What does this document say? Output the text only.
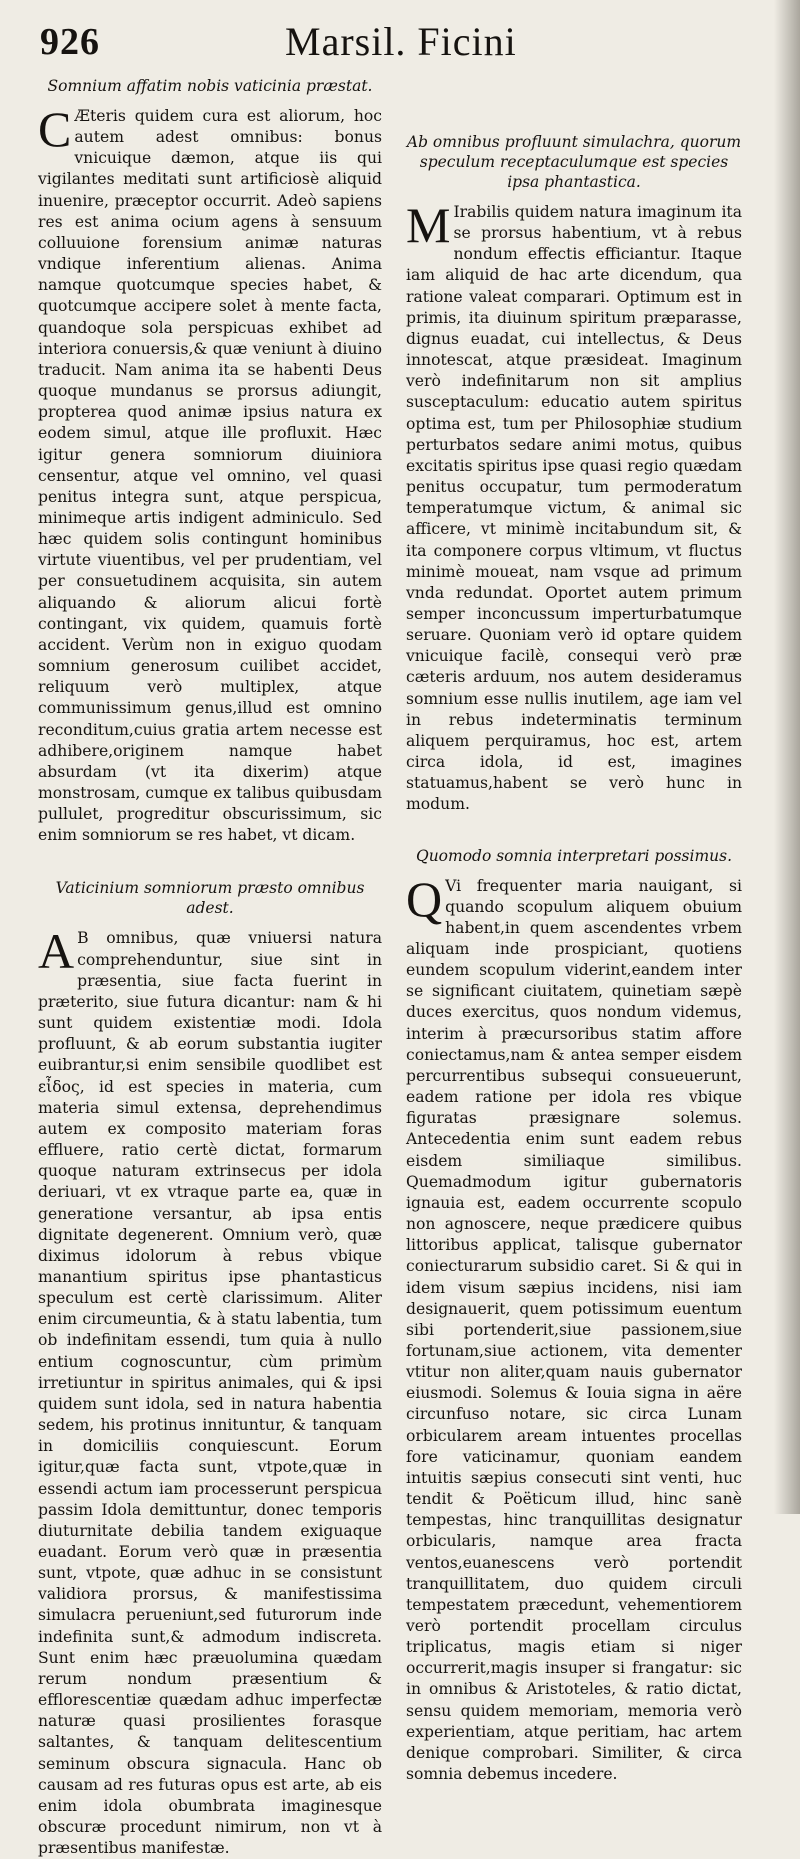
926	Marsil. Ficini
Somnium affatim nobis vaticinia præstat.

C Æteris quidem cura est aliorum, hoc autem adest omnibus: bonus vnicuique dæmon, atque iis qui vigilantes meditati sunt artificiosè aliquid inuenire, præceptor occurrit. Adeò sapiens res est anima ocium agens à sensuum colluuione forensium animæ naturas vndique inferentium alienas. Anima namque quotcumque species habet, & quotcumque accipere solet à mente facta, quandoque sola perspicuas exhibet ad interiora conuersis,& quæ veniunt à diuino traducit. Nam anima ita se habenti Deus quoque mundanus se prorsus adiungit, propterea quod animæ ipsius natura ex eodem simul, atque ille profluxit. Hæc igitur genera somniorum diuiniora censentur, atque vel omnino, vel quasi penitus integra sunt, atque perspicua, minimeque artis indigent adminiculo. Sed hæc quidem solis contingunt hominibus virtute viuentibus, vel per prudentiam, vel per consuetudinem acquisita, sin autem aliquando & aliorum alicui fortè contingant, vix quidem, quamuis fortè accident. Verùm non in exiguo quodam somnium generosum cuilibet accidet, reliquum verò multiplex, atque communissimum genus,illud est omnino reconditum,cuius gratia artem necesse est adhibere,originem namque habet absurdam (vt ita dixerim) atque monstrosam, cumque ex talibus quibusdam pullulet, progreditur obscurissimum, sic enim somniorum se res habet, vt dicam.

Vaticinium somniorum præsto omnibus adest.

A B omnibus, quæ vniuersi natura comprehenduntur, siue sint in præsentia, siue facta fuerint in præterito, siue futura dicantur: nam & hi sunt quidem existentiæ modi. Idola profluunt, & ab eorum substantia iugiter euibrantur,si enim sensibile quodlibet est εἶδος, id est species in materia, cum materia simul extensa, deprehendimus autem ex composito materiam foras effluere, ratio certè dictat, formarum quoque naturam extrinsecus per idola deriuari, vt ex vtraque parte ea, quæ in generatione versantur, ab ipsa entis dignitate degenerent. Omnium verò, quæ diximus idolorum à rebus vbique manantium spiritus ipse phantasticus speculum est certè clarissimum. Aliter enim circumeuntia, & à statu labentia, tum ob indefinitam essendi, tum quia à nullo entium cognoscuntur, cùm primùm irretiuntur in spiritus animales, qui & ipsi quidem sunt idola, sed in natura habentia sedem, his protinus innituntur, & tanquam in domiciliis conquiescunt. Eorum igitur,quæ facta sunt, vtpote,quæ in essendi actum iam processerunt perspicua passim Idola demittuntur, donec temporis diuturnitate debilia tandem exiguaque euadant. Eorum verò quæ in præsentia sunt, vtpote, quæ adhuc in se consistunt validiora prorsus, & manifestissima simulacra perueniunt,sed futurorum inde indefinita sunt,& admodum indiscreta. Sunt enim hæc præuolumina quædam rerum nondum præsentium & efflorescentiæ quædam adhuc imperfectæ naturæ quasi prosilientes forasque saltantes, & tanquam delitescentium seminum obscura signacula. Hanc ob causam ad res futuras opus est arte, ab eis enim idola obumbrata imaginesque obscuræ procedunt nimirum, non vt à præsentibus manifestæ.

Ab omnibus profluunt simulachra, quorum speculum receptaculumque est species ipsa phantastica.

M Irabilis quidem natura imaginum ita se prorsus habentium, vt à rebus nondum effectis efficiantur. Itaque iam aliquid de hac arte dicendum, qua ratione valeat comparari. Optimum est in primis, ita diuinum spiritum præparasse, dignus euadat, cui intellectus, & Deus innotescat, atque præsideat. Imaginum verò indefinitarum non sit amplius susceptaculum: educatio autem spiritus optima est, tum per Philosophiæ studium perturbatos sedare animi motus, quibus excitatis spiritus ipse quasi regio quædam penitus occupatur, tum permoderatum temperatumque victum, & animal sic afficere, vt minimè incitabundum sit, & ita componere corpus vltimum, vt fluctus minimè moueat, nam vsque ad primum vnda redundat. Oportet autem primum semper inconcussum imperturbatumque seruare. Quoniam verò id optare quidem vnicuique facilè, consequi verò præ cæteris arduum, nos autem desideramus somnium esse nullis inutilem, age iam vel in rebus indeterminatis terminum aliquem perquiramus, hoc est, artem circa idola, id est, imagines statuamus,habent se verò hunc in modum.

Quomodo somnia interpretari possimus.

Q Vi frequenter maria nauigant, si quando scopulum aliquem obuium habent,in quem ascendentes vrbem aliquam inde prospiciant, quotiens eundem scopulum viderint,eandem inter se significant ciuitatem, quinetiam sæpè duces exercitus, quos nondum videmus, interim à præcursoribus statim affore coniectamus,nam & antea semper eisdem percurrentibus subsequi consueuerunt, eadem ratione per idola res vbique figuratas præsignare solemus. Antecedentia enim sunt eadem rebus eisdem similiaque similibus. Quemadmodum igitur gubernatoris ignauia est, eadem occurrente scopulo non agnoscere, neque prædicere quibus littoribus applicat, talisque gubernator coniecturarum subsidio caret. Si & qui in idem visum sæpius incidens, nisi iam designauerit, quem potissimum euentum sibi portenderit,siue passionem,siue fortunam,siue actionem, vita dementer vtitur non aliter,quam nauis gubernator eiusmodi. Solemus & Iouia signa in aëre circunfuso notare, sic circa Lunam orbicularem aream intuentes procellas fore vaticinamur, quoniam eandem intuitis sæpius consecuti sint venti, huc tendit & Poëticum illud, hinc sanè tempestas, hinc tranquillitas designatur orbicularis, namque area fracta ventos,euanescens verò portendit tranquillitatem, duo quidem circuli tempestatem præcedunt, vehementiorem verò portendit procellam circulus triplicatus, magis etiam si niger occurrerit,magis insuper si frangatur: sic in omnibus & Aristoteles, & ratio dictat, sensu quidem memoriam, memoria verò experientiam, atque peritiam, hac artem denique comprobari. Similiter, & circa somnia debemus incedere.
